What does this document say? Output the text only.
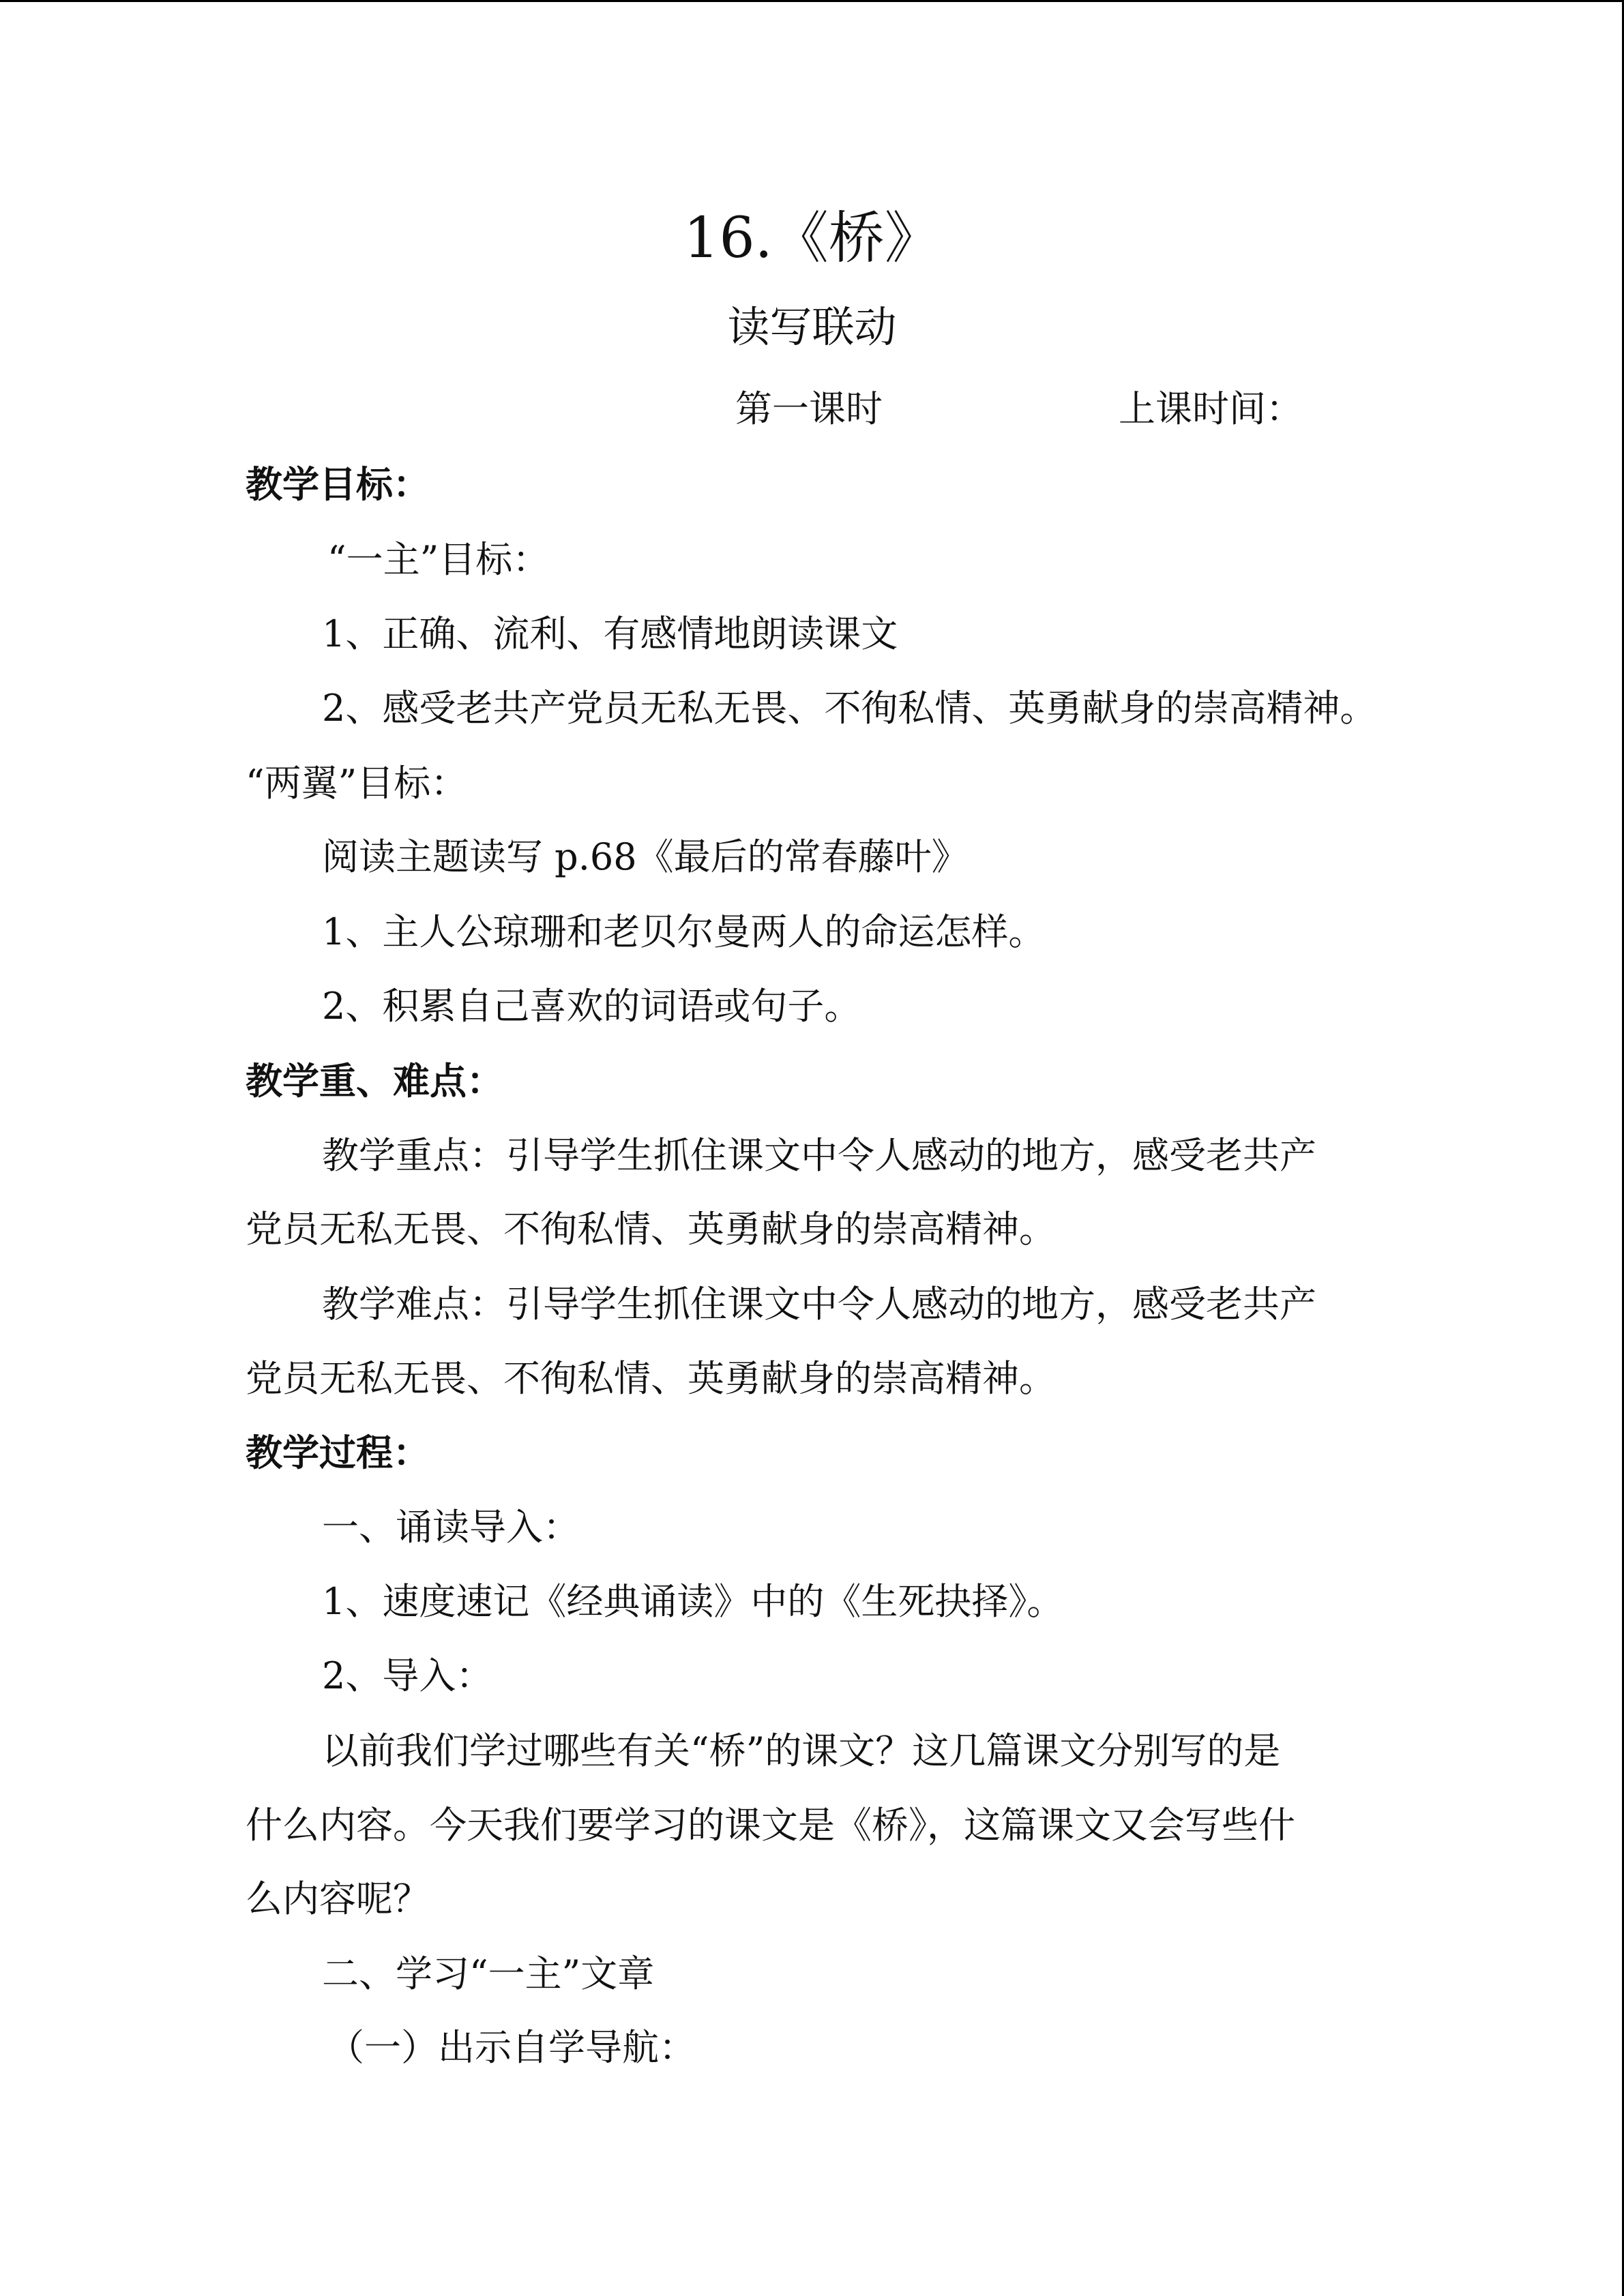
16.《桥》
读写联动
第一课时	上课时间：
教学目标：
“一主”目标：
1、正确、流利、有感情地朗读课文
2、感受老共产党员无私无畏、不徇私情、英勇献身的崇高精神。
“两翼”目标：
阅读主题读写 p.68《最后的常春藤叶》
1、主人公琼珊和老贝尔曼两人的命运怎样。
2、积累自己喜欢的词语或句子。
教学重、难点：
教学重点：引导学生抓住课文中令人感动的地方，感受老共产
党员无私无畏、不徇私情、英勇献身的崇高精神。
教学难点：引导学生抓住课文中令人感动的地方，感受老共产
党员无私无畏、不徇私情、英勇献身的崇高精神。
教学过程：
一、诵读导入：
1、速度速记《经典诵读》中的《生死抉择》。
2、导入：
以前我们学过哪些有关“桥”的课文？这几篇课文分别写的是
什么内容。今天我们要学习的课文是《桥》，这篇课文又会写些什
么内容呢？
二、学习“一主”文章
（一）出示自学导航：
